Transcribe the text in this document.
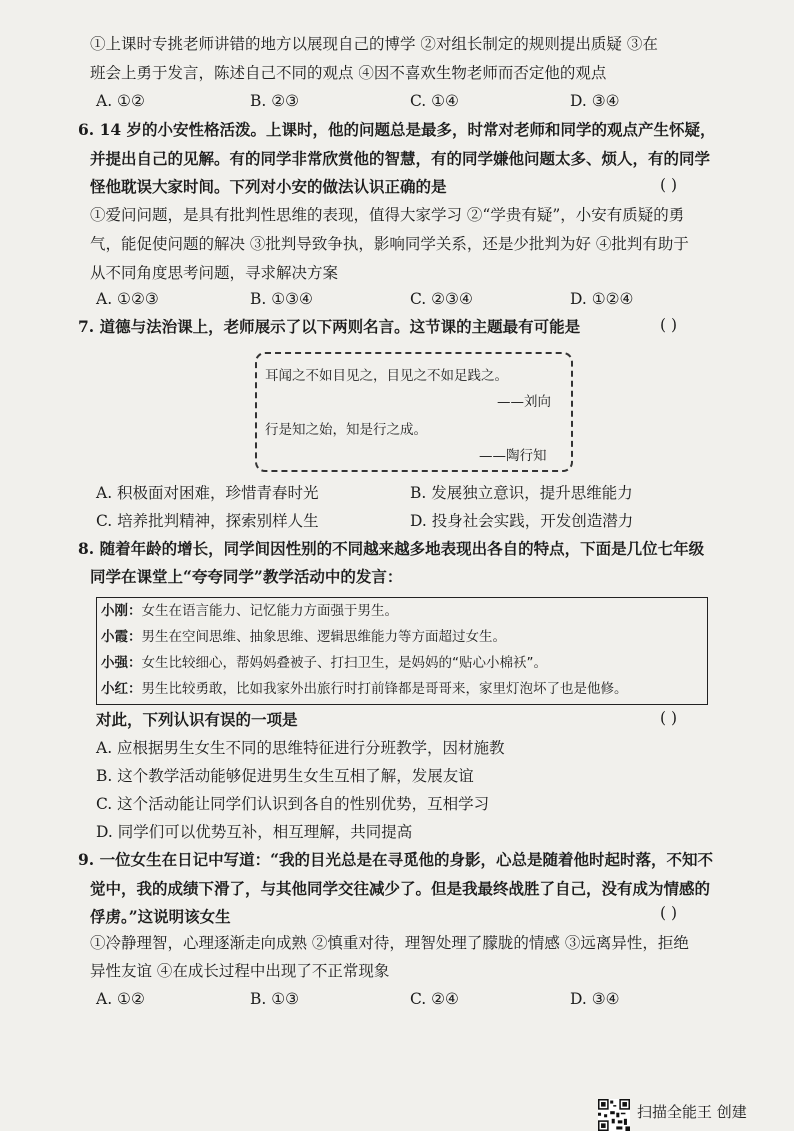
①上课时专挑老师讲错的地方以展现自己的博学 ②对组长制定的规则提出质疑 ③在
班会上勇于发言，陈述自己不同的观点 ④因不喜欢生物老师而否定他的观点
A. ①②	B. ②③	C. ①④	D. ③④
6. 14 岁的小安性格活泼。上课时，他的问题总是最多，时常对老师和同学的观点产生怀疑，
并提出自己的见解。有的同学非常欣赏他的智慧，有的同学嫌他问题太多、烦人，有的同学
怪他耽误大家时间。下列对小安的做法认识正确的是	( )
①爱问问题，是具有批判性思维的表现，值得大家学习 ②“学贵有疑”，小安有质疑的勇
气，能促使问题的解决 ③批判导致争执，影响同学关系，还是少批判为好 ④批判有助于
从不同角度思考问题，寻求解决方案
A. ①②③	B. ①③④	C. ②③④	D. ①②④
7. 道德与法治课上，老师展示了以下两则名言。这节课的主题最有可能是	( )
耳闻之不如目见之，目见之不如足践之。
——刘向
行是知之始，知是行之成。
——陶行知
A. 积极面对困难，珍惜青春时光	B. 发展独立意识，提升思维能力
C. 培养批判精神，探索别样人生	D. 投身社会实践，开发创造潜力
8. 随着年龄的增长，同学间因性别的不同越来越多地表现出各自的特点，下面是几位七年级
同学在课堂上“夸夸同学”教学活动中的发言：
小刚：女生在语言能力、记忆能力方面强于男生。
小霞：男生在空间思维、抽象思维、逻辑思维能力等方面超过女生。
小强：女生比较细心，帮妈妈叠被子、打扫卫生，是妈妈的“贴心小棉袄”。
小红：男生比较勇敢，比如我家外出旅行时打前锋都是哥哥来，家里灯泡坏了也是他修。
对此，下列认识有误的一项是	( )
A. 应根据男生女生不同的思维特征进行分班教学，因材施教
B. 这个教学活动能够促进男生女生互相了解，发展友谊
C. 这个活动能让同学们认识到各自的性别优势，互相学习
D. 同学们可以优势互补，相互理解，共同提高
9. 一位女生在日记中写道：“我的目光总是在寻觅他的身影，心总是随着他时起时落，不知不
觉中，我的成绩下滑了，与其他同学交往减少了。但是我最终战胜了自己，没有成为情感的
俘虏。”这说明该女生	( )
①冷静理智，心理逐渐走向成熟 ②慎重对待，理智处理了朦胧的情感 ③远离异性，拒绝
异性友谊 ④在成长过程中出现了不正常现象
A. ①②	B. ①③	C. ②④	D. ③④
扫描全能王 创建
